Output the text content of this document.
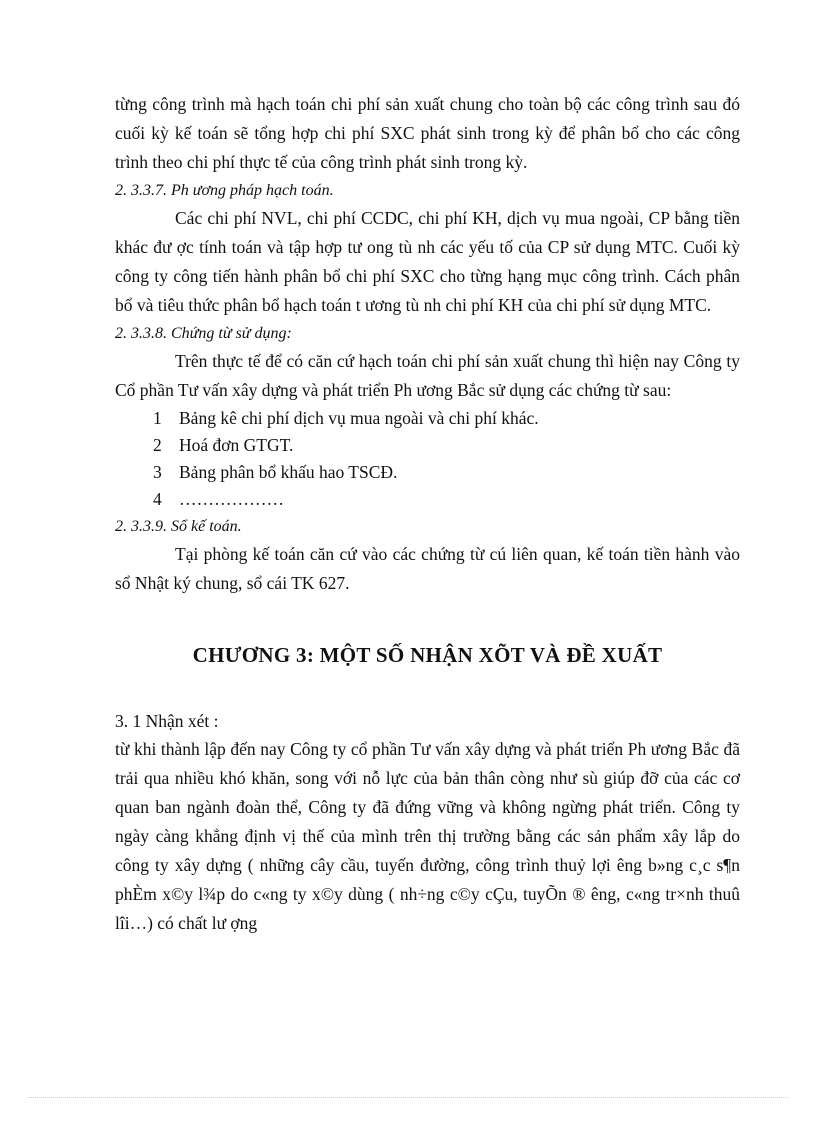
từng công trình mà hạch toán chi phí sản xuất chung cho toàn bộ các công trình sau đó cuối kỳ kế toán sẽ tổng hợp chi phí SXC phát sinh trong kỳ để phân bổ cho các công trình theo chi phí thực tế của công trình phát sinh trong kỳ.

2. 3.3.7. Ph ương pháp hạch toán.

Các chi phí NVL, chi phí CCDC, chi phí KH, dịch vụ mua ngoài, CP bằng tiền khác đư ợc tính toán và tập hợp tư ong tù nh các yếu tố của CP sử dụng MTC. Cuối kỳ công ty công tiến hành phân bổ chi phí SXC cho từng hạng mục công trình. Cách phân bổ và tiêu thức phân bổ hạch toán t ương tù nh chi phí KH của chi phí sử dụng MTC.

2. 3.3.8. Chứng từ sử dụng:

Trên thực tế để có căn cứ hạch toán chi phí sản xuất chung thì hiện nay Công ty Cổ phần Tư vấn xây dựng và phát triển Ph ương Bắc sử dụng các chứng từ sau:

1 Bảng kê chi phí dịch vụ mua ngoài và chi phí khác.

2 Hoá đơn GTGT.

3 Bảng phân bổ khấu hao TSCĐ.

4 ………………

2. 3.3.9. Sổ kế toán.

Tại phòng kế toán căn cứ vào các chứng từ cú liên quan, kế toán tiền hành vào sổ Nhật ký chung, sổ cái TK 627.

CHƯƠNG 3: MỘT SỐ NHẬN XÕT VÀ ĐỀ XUẤT

3. 1 Nhận xét :

từ khi thành lập đến nay Công ty cổ phần Tư vấn xây dựng và phát triển Ph ương Bắc đã trải qua nhiều khó khăn, song với nỗ lực của bản thân còng như sù giúp đỡ của các cơ quan ban ngành đoàn thể, Công ty đã đứng vững và không ngừng phát triển. Công ty ngày càng khẳng định vị thế của mình trên thị trường bằng các sản phẩm xây lắp do công ty xây dựng ( những cây cầu, tuyến đường, công trình thuỷ lợi êng b»ng c¸c s¶n phÈm x©y l¾p do c«ng ty x©y dùng ( nh÷ng c©y cÇu, tuyÕn ® êng, c«ng tr×nh thuû lîi…) có chất lư ợng
